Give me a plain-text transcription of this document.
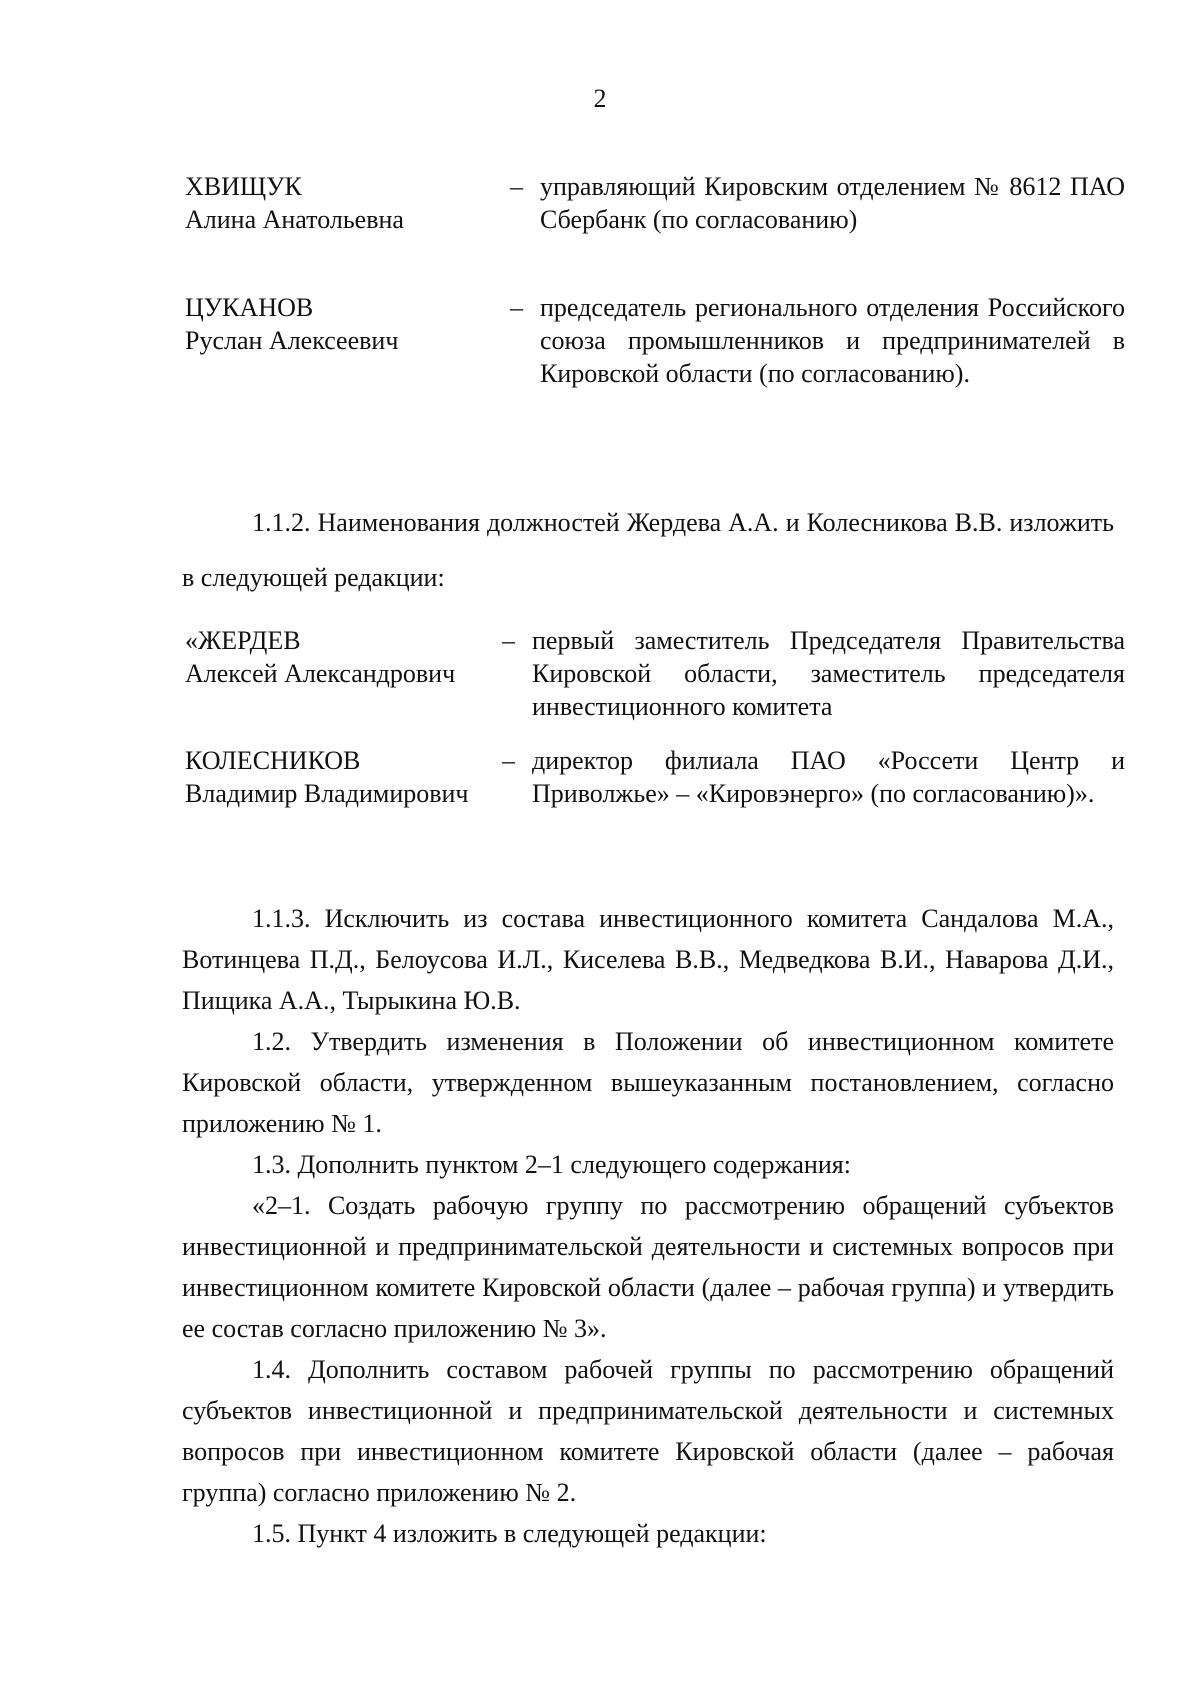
2
ХВИЩУК
Алина Анатольевна
– управляющий Кировским отделением № 8612 ПАО Сбербанк (по согласованию)
ЦУКАНОВ
Руслан Алексеевич
– председатель регионального отделения Российского союза промышленников и предпринимателей в Кировской области (по согласованию).

1.1.2. Наименования должностей Жердева А.А. и Колесникова В.В. изложить в следующей редакции:

«ЖЕРДЕВ
Алексей Александрович
– первый заместитель Председателя Правительства Кировской области, заместитель председателя инвестиционного комитета
КОЛЕСНИКОВ
Владимир Владимирович
– директор филиала ПАО «Россети Центр и Приволжье» – «Кировэнерго» (по согласованию)».

1.1.3. Исключить из состава инвестиционного комитета Сандалова М.А., Вотинцева П.Д., Белоусова И.Л., Киселева В.В., Медведкова В.И., Наварова Д.И., Пищика А.А., Тырыкина Ю.В.

1.2. Утвердить изменения в Положении об инвестиционном комитете Кировской области, утвержденном вышеуказанным постановлением, согласно приложению № 1.

1.3. Дополнить пунктом 2–1 следующего содержания:

«2–1. Создать рабочую группу по рассмотрению обращений субъектов инвестиционной и предпринимательской деятельности и системных вопросов при инвестиционном комитете Кировской области (далее – рабочая группа) и утвердить ее состав согласно приложению № 3».

1.4. Дополнить составом рабочей группы по рассмотрению обращений субъектов инвестиционной и предпринимательской деятельности и системных вопросов при инвестиционном комитете Кировской области (далее – рабочая группа) согласно приложению № 2.

1.5. Пункт 4 изложить в следующей редакции:
